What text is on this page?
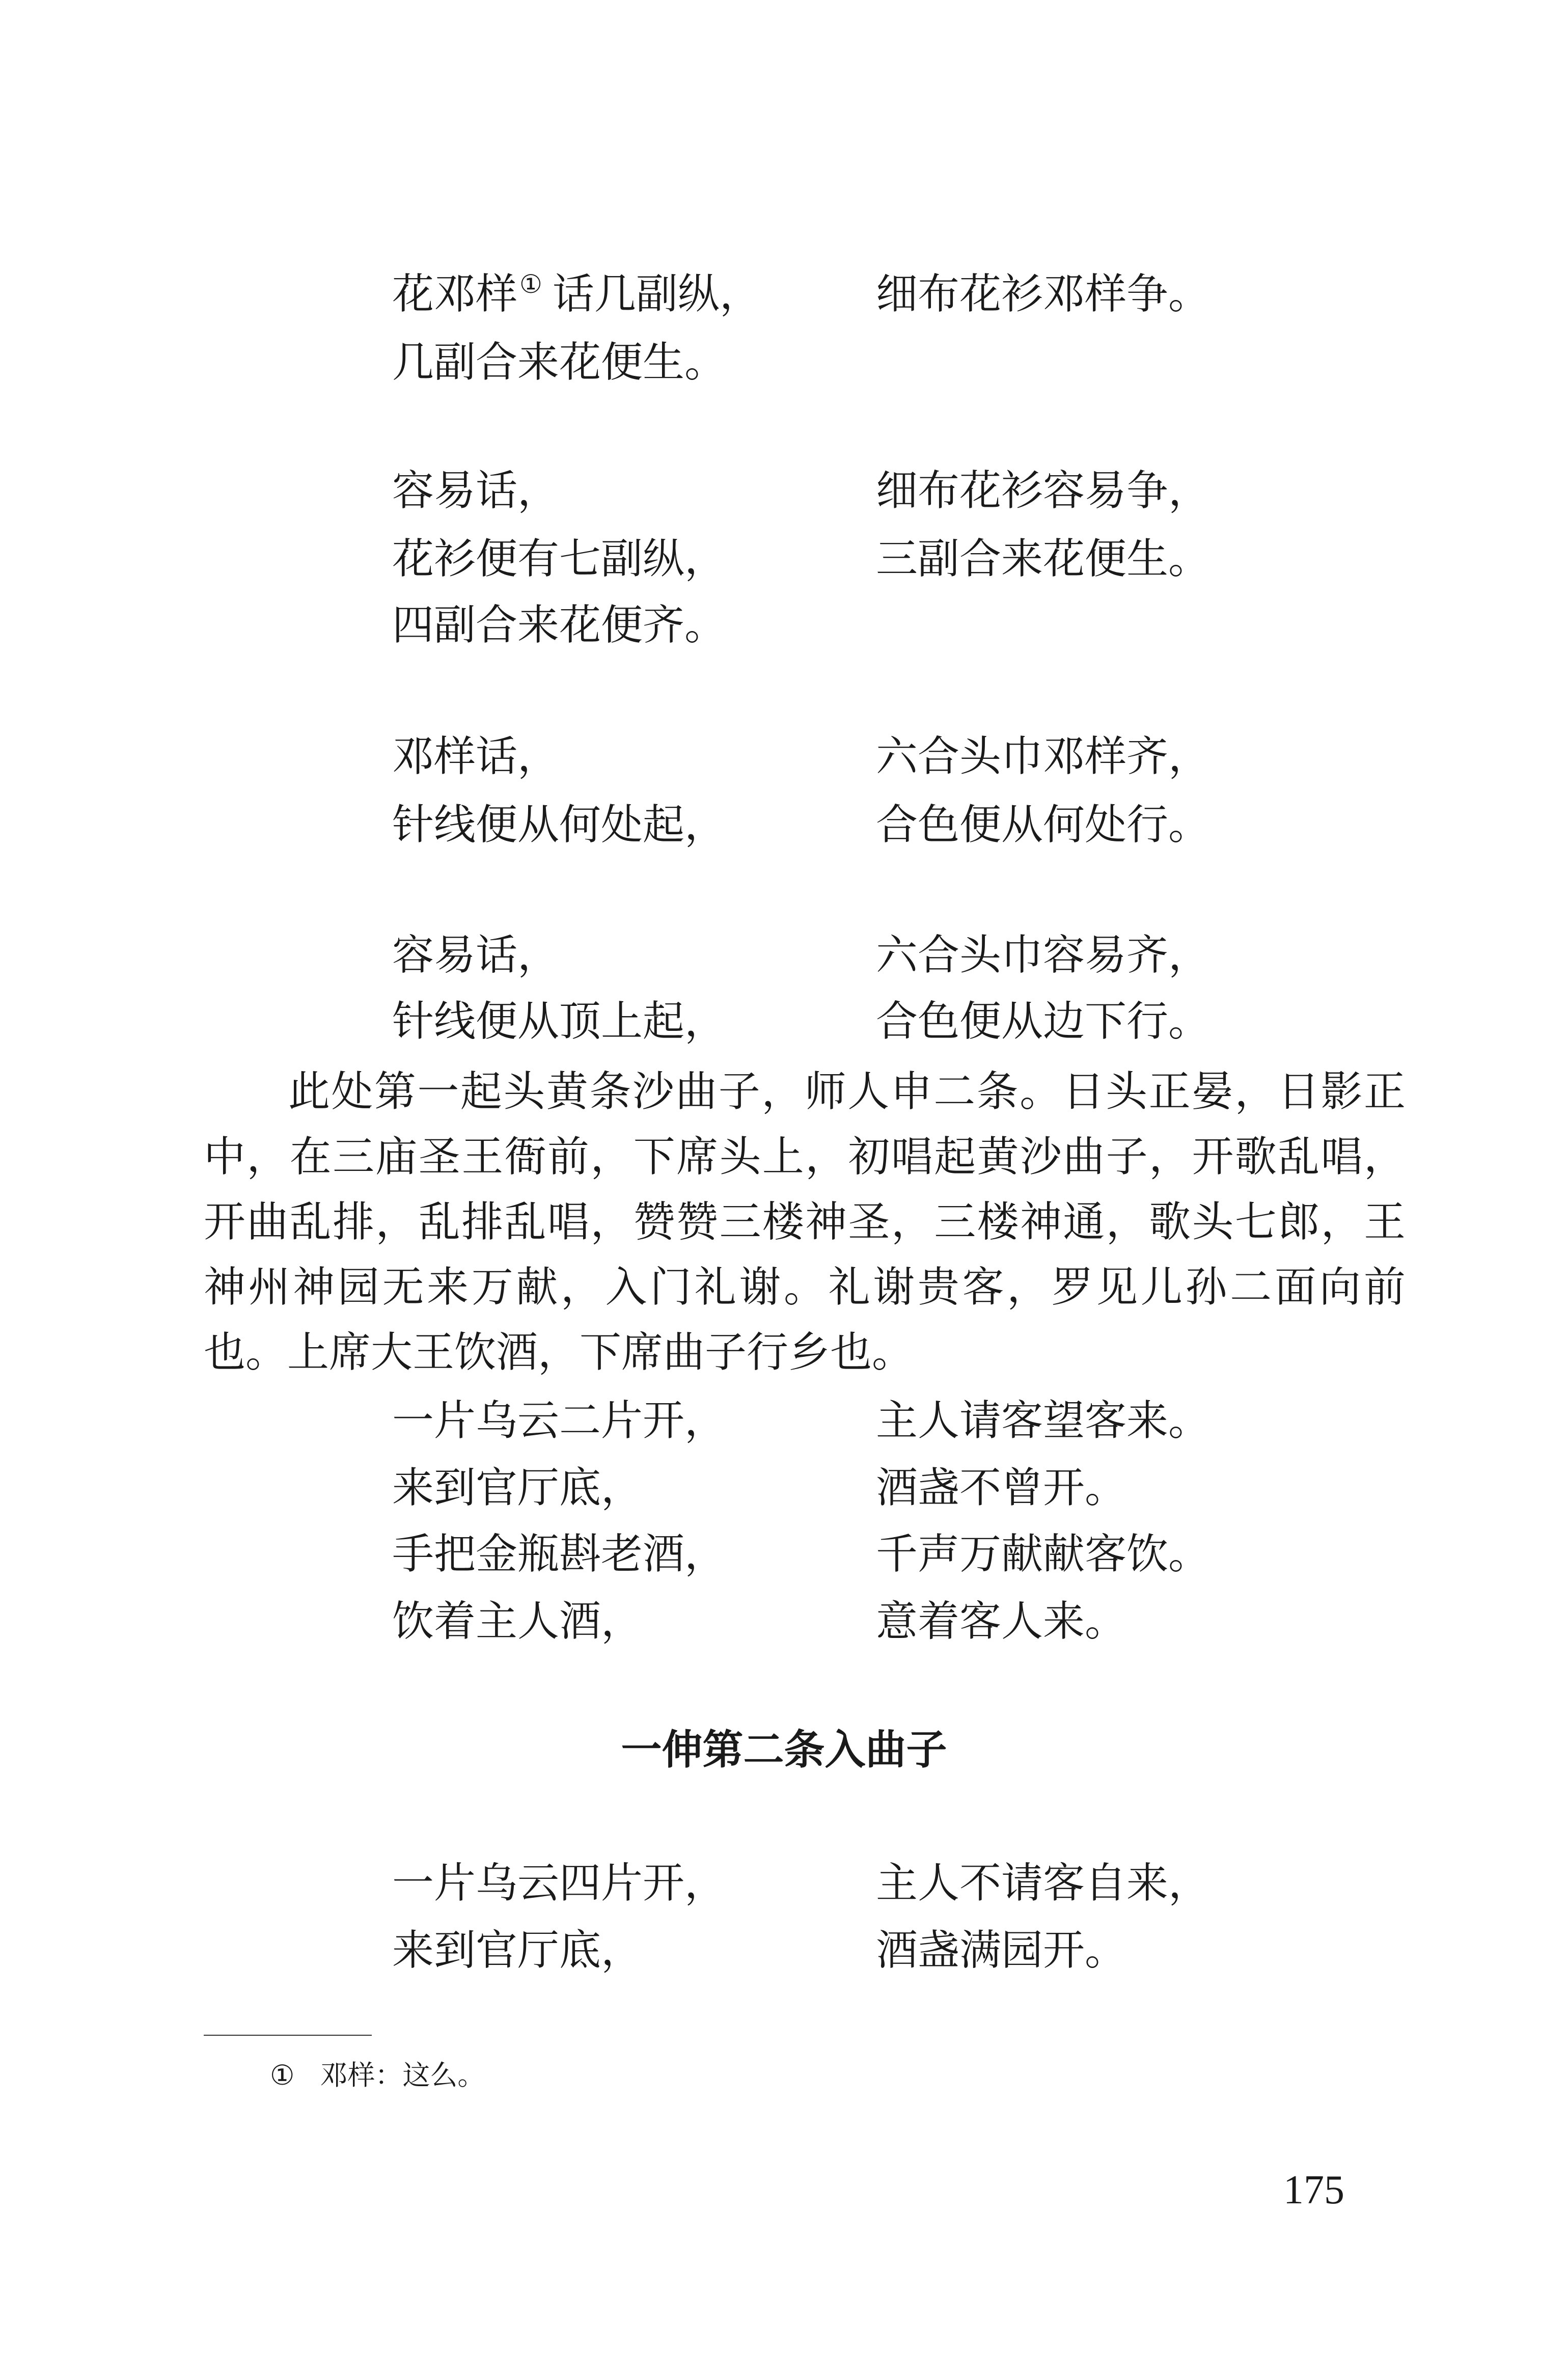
花邓样① 话几副纵，	细布花衫邓样争。
几副合来花便生。
容易话，	细布花衫容易争，
花衫便有七副纵，	三副合来花便生。
四副合来花便齐。
邓样话，	六合头巾邓样齐，
针线便从何处起，	合色便从何处行。
容易话，	六合头巾容易齐，
针线便从顶上起，	合色便从边下行。

此处第一起头黄条沙曲子，师人申二条。日头正晏，日影正中，在三庙圣王衙前，下席头上，初唱起黄沙曲子，开歌乱唱，开曲乱排，乱排乱唱，赞赞三楼神圣，三楼神通，歌头七郎，王神州神园无来万献，入门礼谢。礼谢贵客，罗见儿孙二面向前也。上席大王饮酒，下席曲子行乡也。

一片乌云二片开，	主人请客望客来。
来到官厅底，	酒盏不曾开。
手把金瓶斟老酒，	千声万献献客饮。
饮着主人酒，	意着客人来。
一伸第二条入曲子
一片乌云四片开，	主人不请客自来，
来到官厅底，	酒盏满园开。
① 邓样：这么。
175
